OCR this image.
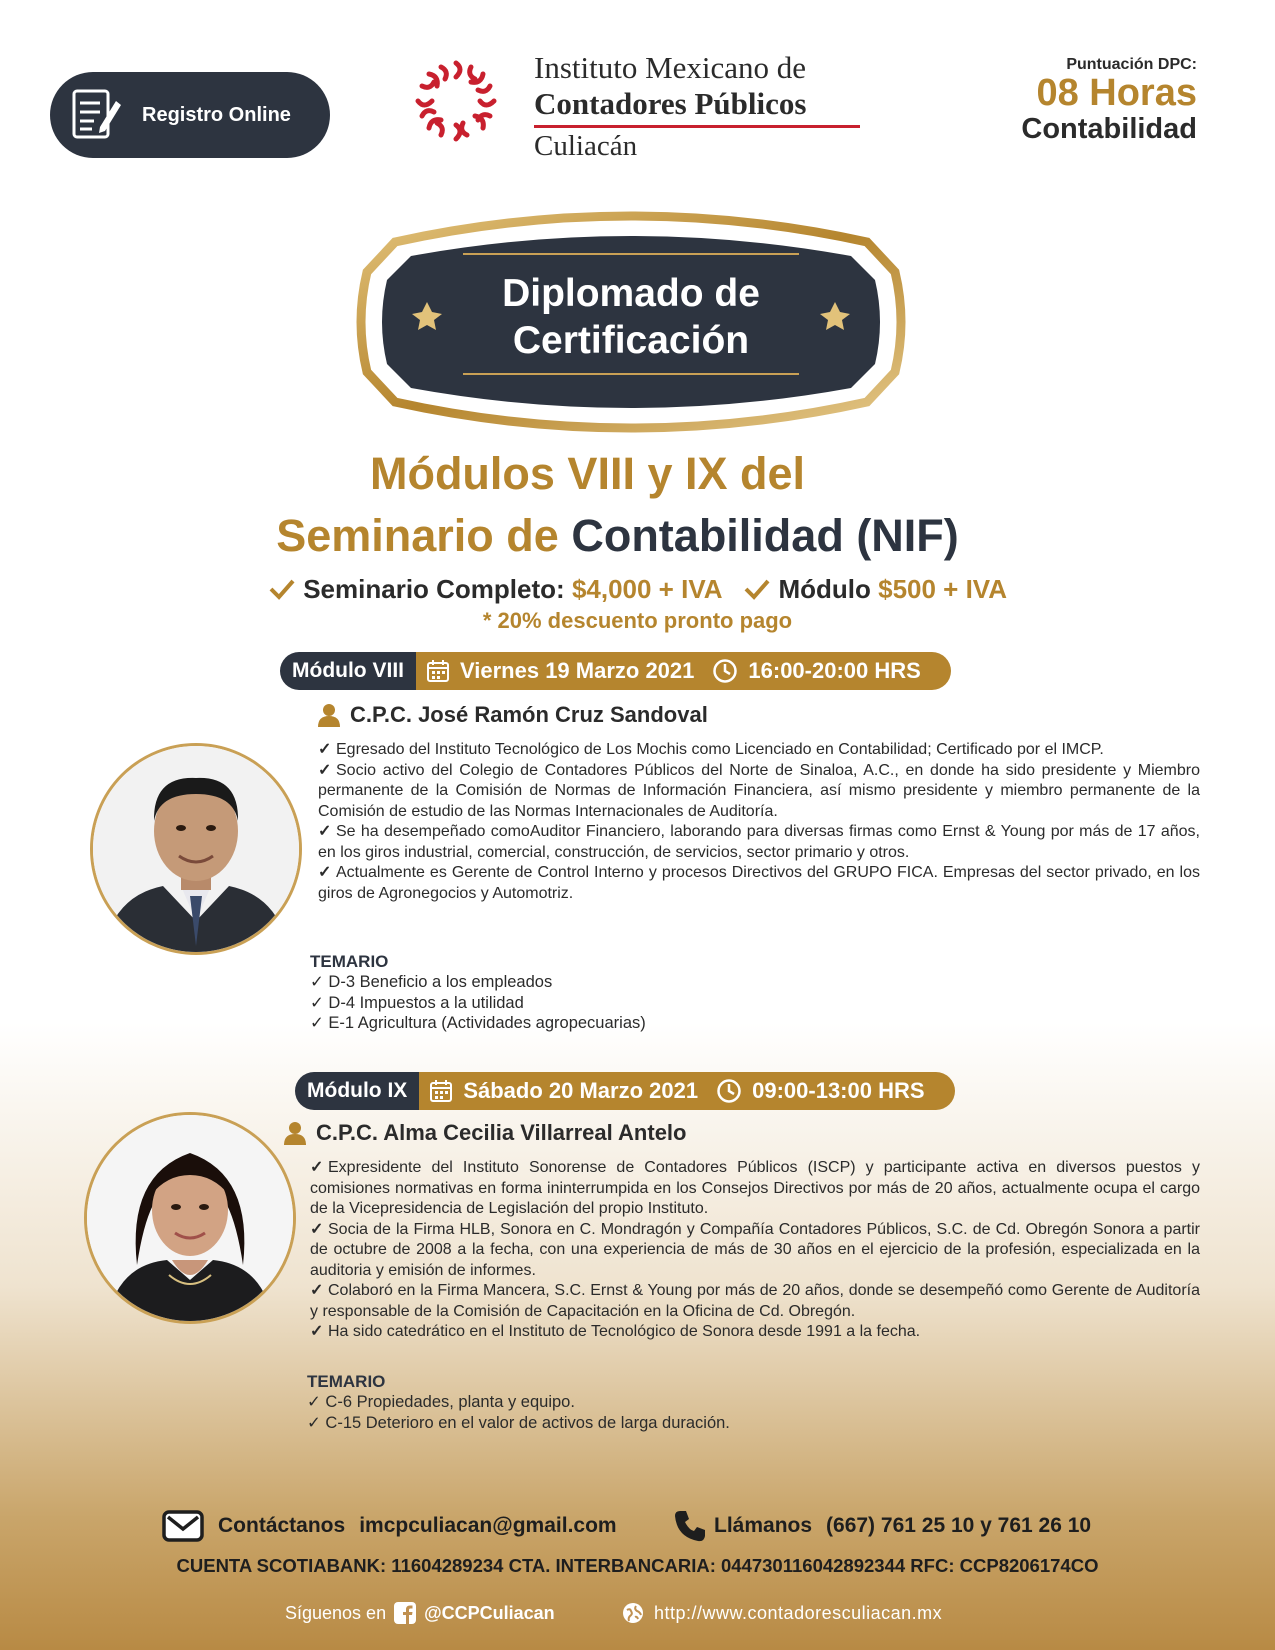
Registro Online
Instituto Mexicano de
Contadores Públicos
Culiacán
Puntuación DPC:
08 Horas
Contabilidad
Diplomado de
Certificación
Módulos VIII y IX del
Seminario de Contabilidad (NIF)
Seminario Completo: $4,000 + IVA Módulo $500 + IVA
* 20% descuento pronto pago
Módulo VIII	Viernes 19 Marzo 2021 16:00-20:00 HRS
C.P.C. José Ramón Cruz Sandoval

✓ Egresado del Instituto Tecnológico de Los Mochis como Licenciado en Contabilidad; Certificado por el IMCP.

✓ Socio activo del Colegio de Contadores Públicos del Norte de Sinaloa, A.C., en donde ha sido presidente y Miembro permanente de la Comisión de Normas de Información Financiera, así mismo presidente y miembro permanente de la Comisión de estudio de las Normas Internacionales de Auditoría.

✓ Se ha desempeñado comoAuditor Financiero, laborando para diversas firmas como Ernst & Young por más de 17 años, en los giros industrial, comercial, construcción, de servicios, sector primario y otros.

✓ Actualmente es Gerente de Control Interno y procesos Directivos del GRUPO FICA. Empresas del sector privado, en los giros de Agronegocios y Automotriz.

TEMARIO
✓ D-3 Beneficio a los empleados
✓ D-4 Impuestos a la utilidad
✓ E-1 Agricultura (Actividades agropecuarias)
Módulo IX	Sábado 20 Marzo 2021 09:00-13:00 HRS
C.P.C. Alma Cecilia Villarreal Antelo

✓ Expresidente del Instituto Sonorense de Contadores Públicos (ISCP) y participante activa en diversos puestos y comisiones normativas en forma ininterrumpida en los Consejos Directivos por más de 20 años, actualmente ocupa el cargo de la Vicepresidencia de Legislación del propio Instituto.

✓ Socia de la Firma HLB, Sonora en C. Mondragón y Compañía Contadores Públicos, S.C. de Cd. Obregón Sonora a partir de octubre de 2008 a la fecha, con una experiencia de más de 30 años en el ejercicio de la profesión, especializada en la auditoria y emisión de informes.

✓ Colaboró en la Firma Mancera, S.C. Ernst & Young por más de 20 años, donde se desempeñó como Gerente de Auditoría y responsable de la Comisión de Capacitación en la Oficina de Cd. Obregón.

✓ Ha sido catedrático en el Instituto de Tecnológico de Sonora desde 1991 a la fecha.

TEMARIO
✓ C-6 Propiedades, planta y equipo.
✓ C-15 Deterioro en el valor de activos de larga duración.
Contáctanos imcpculiacan@gmail.com	Llámanos (667) 761 25 10 y 761 26 10
CUENTA SCOTIABANK: 11604289234 CTA. INTERBANCARIA: 044730116042892344 RFC: CCP8206174CO
Síguenos en @CCPCuliacan	http://www.contadoresculiacan.mx
